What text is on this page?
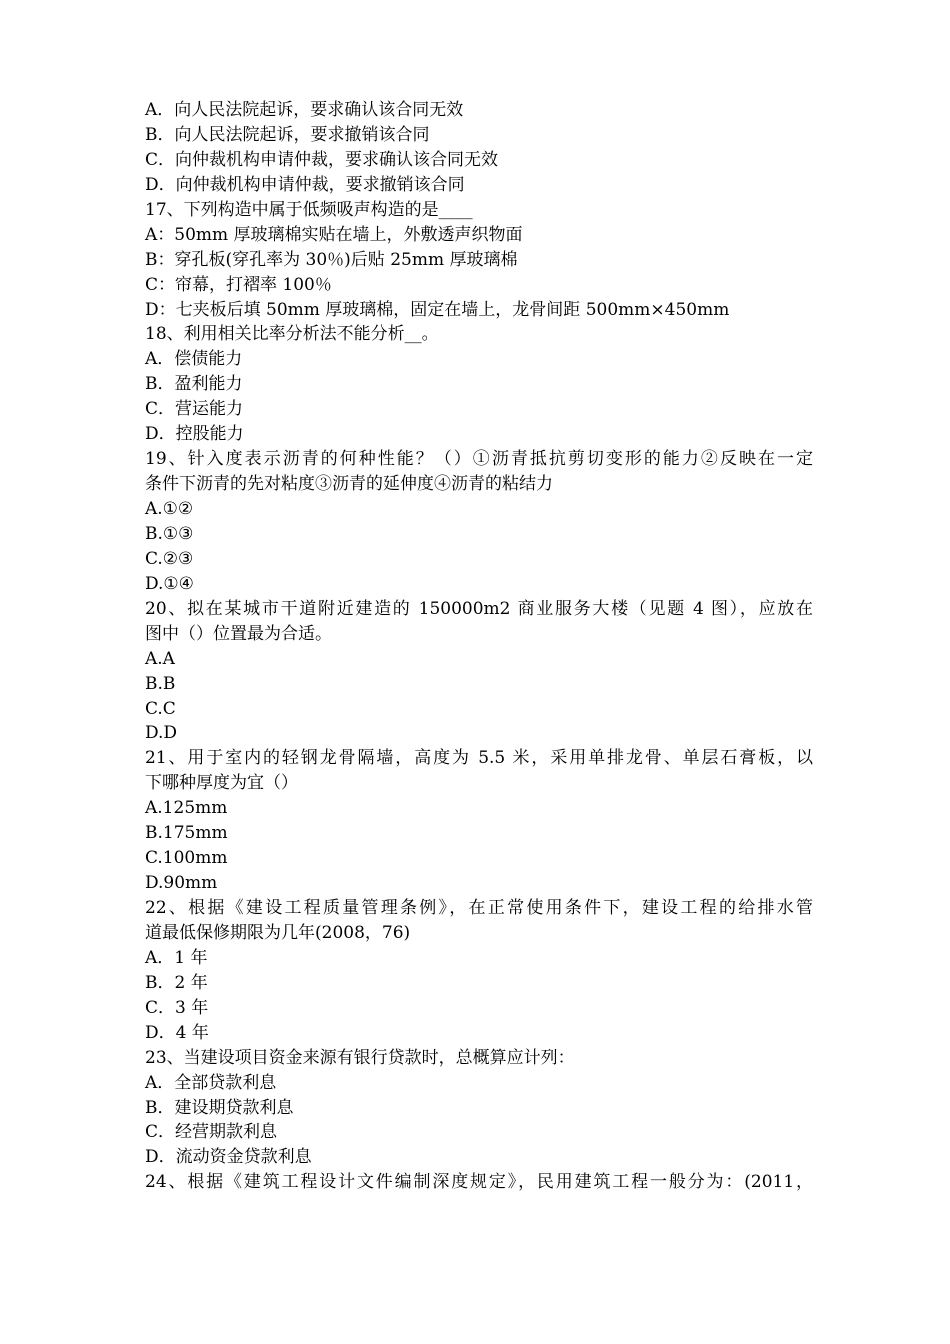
A．向人民法院起诉，要求确认该合同无效
B．向人民法院起诉，要求撤销该合同
C．向仲裁机构申请仲裁，要求确认该合同无效
D．向仲裁机构申请仲裁，要求撤销该合同
17、下列构造中属于低频吸声构造的是____
A：50mm 厚玻璃棉实贴在墙上，外敷透声织物面
B：穿孔板(穿孔率为 30％)后贴 25mm 厚玻璃棉
C：帘幕，打褶率 100％
D：七夹板后填 50mm 厚玻璃棉，固定在墙上，龙骨间距 500mm×450mm
18、利用相关比率分析法不能分析__。
A．偿债能力
B．盈利能力
C．营运能力
D．控股能力
19、针入度表示沥青的何种性能？（）①沥青抵抗剪切变形的能力②反映在一定
条件下沥青的先对粘度③沥青的延伸度④沥青的粘结力
A.①②
B.①③
C.②③
D.①④
20、拟在某城市干道附近建造的 150000m2 商业服务大楼（见题 4 图），应放在
图中（）位置最为合适。
A.A
B.B
C.C
D.D
21、用于室内的轻钢龙骨隔墙，高度为 5.5 米，采用单排龙骨、单层石膏板，以
下哪种厚度为宜（）
A.125mm
B.175mm
C.100mm
D.90mm
22、根据《建设工程质量管理条例》，在正常使用条件下，建设工程的给排水管
道最低保修期限为几年(2008，76)
A．1 年
B．2 年
C．3 年
D．4 年
23、当建设项目资金来源有银行贷款时，总概算应计列：
A．全部贷款利息
B．建设期贷款利息
C．经营期款利息
D．流动资金贷款利息
24、根据《建筑工程设计文件编制深度规定》，民用建筑工程一般分为：(2011，
